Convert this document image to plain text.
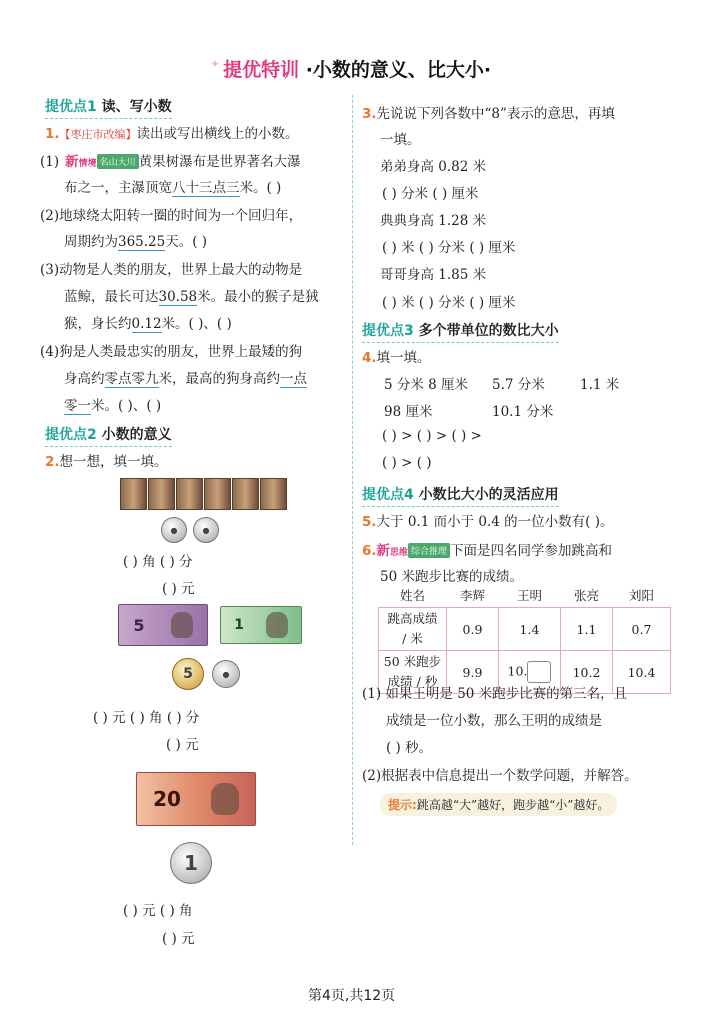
✦ 提优特训 ·小数的意义、比大小·
提优点1 读、写小数
1.【枣庄市改编】读出或写出横线上的小数。
(1) 新情境 名山大川 黄果树瀑布是世界著名大瀑
布之一，主瀑顶宽八十三点三米。( )
(2)地球绕太阳转一圈的时间为一个回归年，
周期约为365.25天。( )
(3)动物是人类的朋友，世界上最大的动物是
蓝鲸，最长可达30.58米。最小的猴子是狨
猴，身长约0.12米。( )、( )
(4)狗是人类最忠实的朋友，世界上最矮的狗
身高约零点零九米，最高的狗身高约一点
零一米。( )、( )
提优点2 小数的意义
2.想一想，填一填。
●	●
( ) 角 ( ) 分
( ) 元
5	1
5	●
( ) 元 ( ) 角 ( ) 分
( ) 元
20
1
( ) 元 ( ) 角
( ) 元
3.先说说下列各数中“8”表示的意思，再填
一填。
弟弟身高 0.82 米
( ) 分米 ( ) 厘米
典典身高 1.28 米
( ) 米 ( ) 分米 ( ) 厘米
哥哥身高 1.85 米
( ) 米 ( ) 分米 ( ) 厘米
提优点3 多个带单位的数比大小
4.填一填。
5 分米 8 厘米 5.7 分米	1.1 米
98 厘米	10.1 分米
( ) > ( ) > ( ) >
( ) > ( )
提优点4 小数比大小的灵活应用
5.大于 0.1 而小于 0.4 的一位小数有( )。
6.新思维 综合推理 下面是四名同学参加跳高和
50 米跑步比赛的成绩。
姓名	李辉	王明	张亮	刘阳

跳高成绩
/ 米	0.9	1.4	1.1	0.7

50 米跑步
成绩 / 秒	9.9	10.	10.2	10.4
(1) 如果王明是 50 米跑步比赛的第三名，且
成绩是一位小数，那么王明的成绩是
( ) 秒。
(2)根据表中信息提出一个数学问题，并解答。
提示:跳高越“大”越好，跑步越“小”越好。
第4页,共12页
